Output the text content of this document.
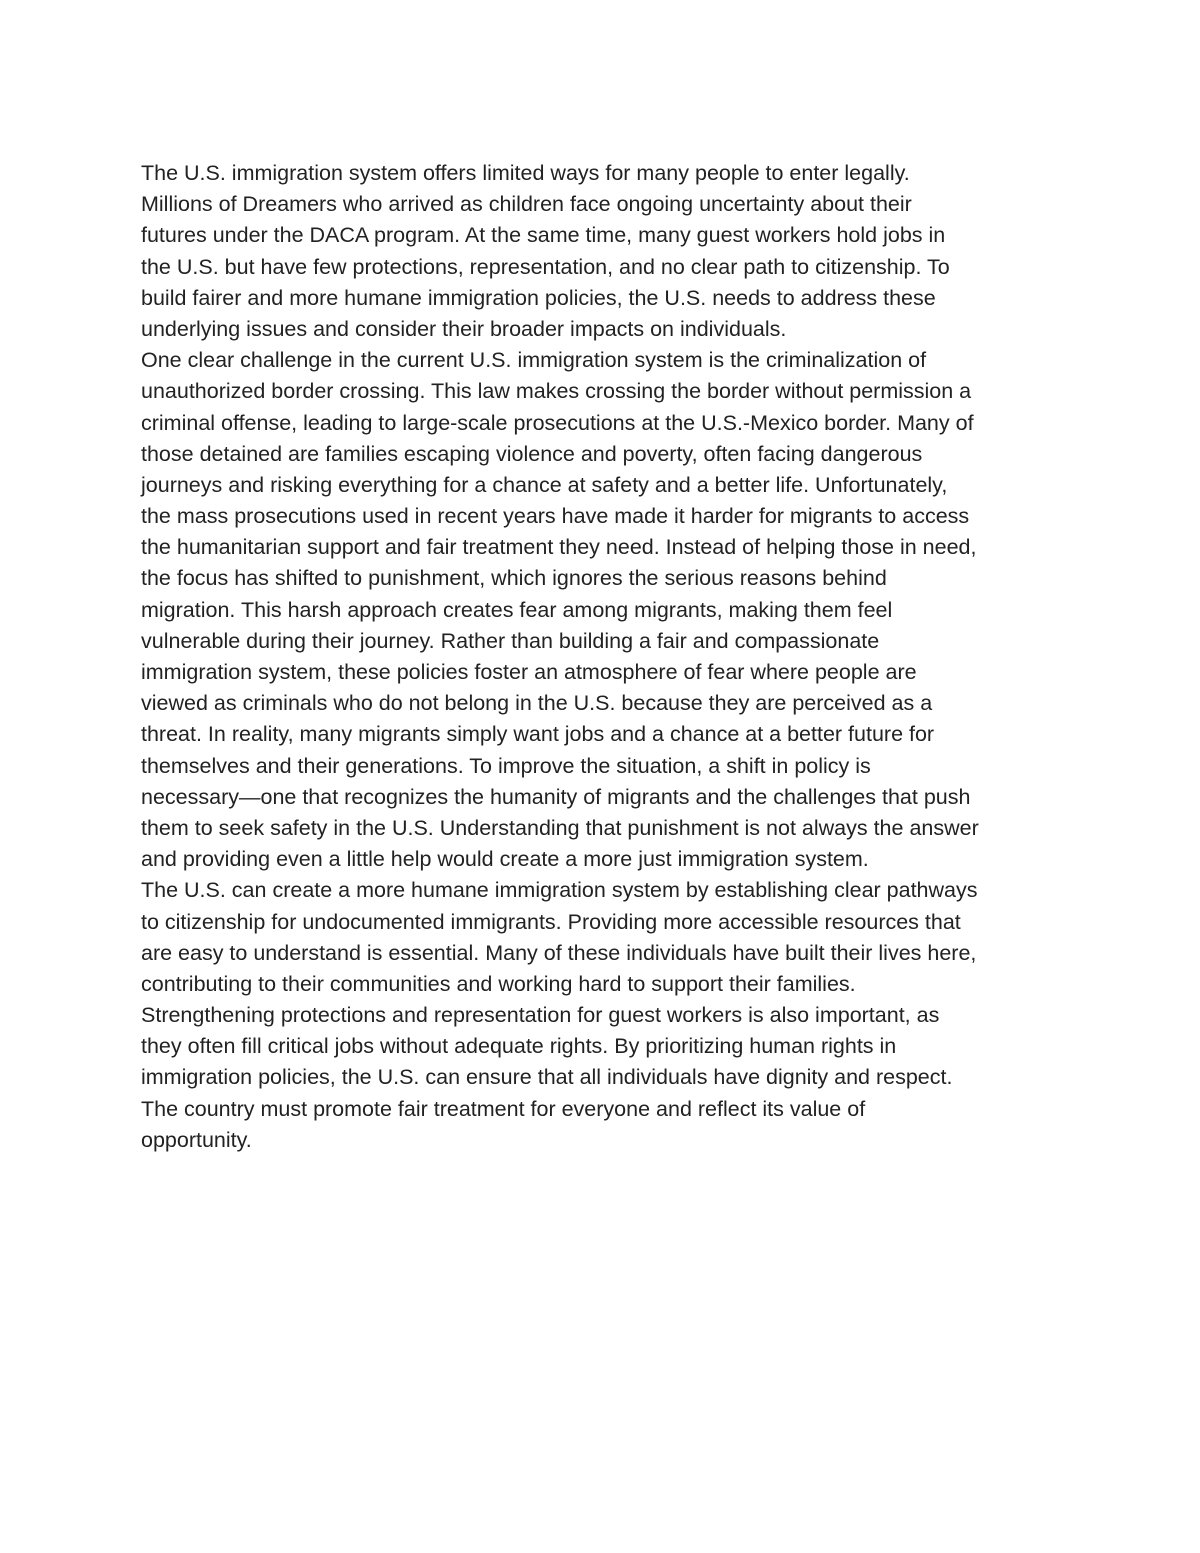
The U.S. immigration system offers limited ways for many people to enter legally.
Millions of Dreamers who arrived as children face ongoing uncertainty about their
futures under the DACA program. At the same time, many guest workers hold jobs in
the U.S. but have few protections, representation, and no clear path to citizenship. To
build fairer and more humane immigration policies, the U.S. needs to address these
underlying issues and consider their broader impacts on individuals.
One clear challenge in the current U.S. immigration system is the criminalization of
unauthorized border crossing. This law makes crossing the border without permission a
criminal offense, leading to large-scale prosecutions at the U.S.-Mexico border. Many of
those detained are families escaping violence and poverty, often facing dangerous
journeys and risking everything for a chance at safety and a better life. Unfortunately,
the mass prosecutions used in recent years have made it harder for migrants to access
the humanitarian support and fair treatment they need. Instead of helping those in need,
the focus has shifted to punishment, which ignores the serious reasons behind
migration. This harsh approach creates fear among migrants, making them feel
vulnerable during their journey. Rather than building a fair and compassionate
immigration system, these policies foster an atmosphere of fear where people are
viewed as criminals who do not belong in the U.S. because they are perceived as a
threat. In reality, many migrants simply want jobs and a chance at a better future for
themselves and their generations. To improve the situation, a shift in policy is
necessary—one that recognizes the humanity of migrants and the challenges that push
them to seek safety in the U.S. Understanding that punishment is not always the answer
and providing even a little help would create a more just immigration system.
The U.S. can create a more humane immigration system by establishing clear pathways
to citizenship for undocumented immigrants. Providing more accessible resources that
are easy to understand is essential. Many of these individuals have built their lives here,
contributing to their communities and working hard to support their families.
Strengthening protections and representation for guest workers is also important, as
they often fill critical jobs without adequate rights. By prioritizing human rights in
immigration policies, the U.S. can ensure that all individuals have dignity and respect.
The country must promote fair treatment for everyone and reflect its value of
opportunity.
